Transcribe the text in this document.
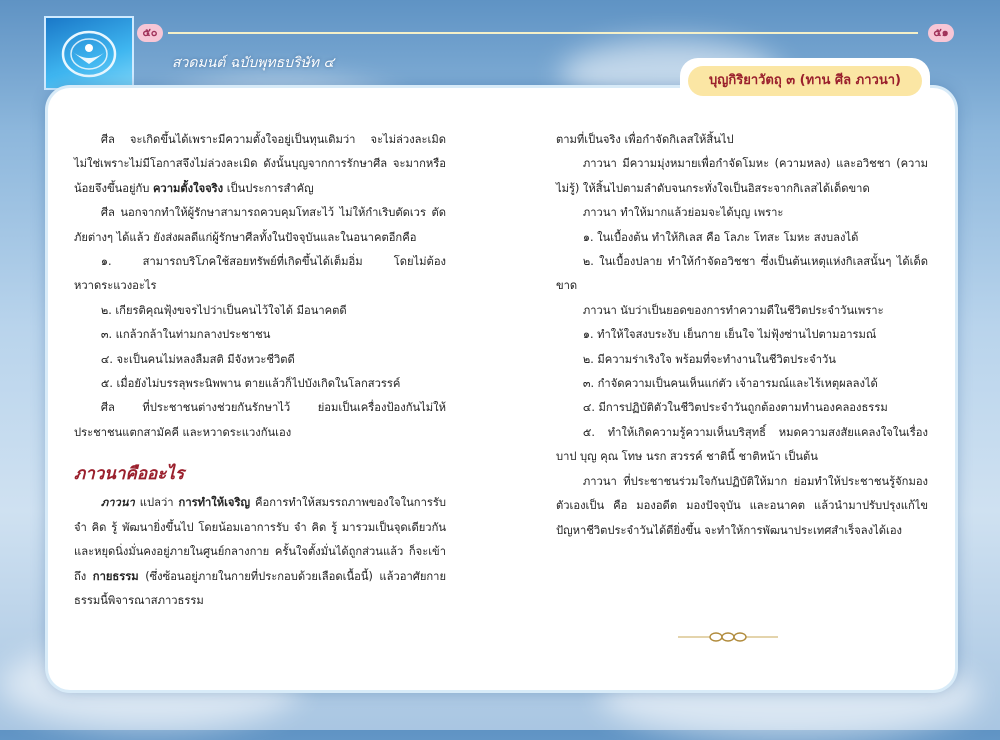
๕๐	๕๑
สวดมนต์ ฉบับพุทธบริษัท ๔
บุญกิริยาวัตถุ ๓ (ทาน ศีล ภาวนา)

ศีล จะเกิดขึ้นได้เพราะมีความตั้งใจอยู่เป็นทุนเดิมว่า จะไม่ล่วงละเมิด ไม่ใช่เพราะไม่มีโอกาสจึงไม่ล่วงละเมิด ดังนั้นบุญจากการรักษาศีล จะมากหรือน้อยจึงขึ้นอยู่กับ ความตั้งใจจริง เป็นประการสำคัญ

ศีล นอกจากทำให้ผู้รักษาสามารถควบคุมโทสะไว้ ไม่ให้กำเริบตัดเวร ตัดภัยต่างๆ ได้แล้ว ยังส่งผลดีแก่ผู้รักษาศีลทั้งในปัจจุบันและในอนาคตอีกคือ

๑. สามารถบริโภคใช้สอยทรัพย์ที่เกิดขึ้นได้เต็มอิ่ม โดยไม่ต้องหวาดระแวงอะไร

๒. เกียรติคุณฟุ้งขจรไปว่าเป็นคนไว้ใจได้ มีอนาคตดี

๓. แกล้วกล้าในท่ามกลางประชาชน

๔. จะเป็นคนไม่หลงลืมสติ มีจังหวะชีวิตดี

๕. เมื่อยังไม่บรรลุพระนิพพาน ตายแล้วก็ไปบังเกิดในโลกสวรรค์

ศีล ที่ประชาชนต่างช่วยกันรักษาไว้ ย่อมเป็นเครื่องป้องกันไม่ให้ประชาชนแตกสามัคคี และหวาดระแวงกันเอง

ภาวนาคืออะไร

ภาวนา แปลว่า การทำให้เจริญ คือการทำให้สมรรถภาพของใจในการรับ จำ คิด รู้ พัฒนายิ่งขึ้นไป โดยน้อมเอาการรับ จำ คิด รู้ มารวมเป็นจุดเดียวกัน และหยุดนิ่งมั่นคงอยู่ภายในศูนย์กลางกาย ครั้นใจตั้งมั่นได้ถูกส่วนแล้ว ก็จะเข้าถึง กายธรรม (ซึ่งซ้อนอยู่ภายในกายที่ประกอบด้วยเลือดเนื้อนี้) แล้วอาศัยกายธรรมนี้พิจารณาสภาวธรรม

ตามที่เป็นจริง เพื่อกำจัดกิเลสให้สิ้นไป

ภาวนา มีความมุ่งหมายเพื่อกำจัดโมหะ (ความหลง) และอวิชชา (ความไม่รู้) ให้สิ้นไปตามลำดับจนกระทั่งใจเป็นอิสระจากกิเลสได้เด็ดขาด

ภาวนา ทำให้มากแล้วย่อมจะได้บุญ เพราะ

๑. ในเบื้องต้น ทำให้กิเลส คือ โลภะ โทสะ โมหะ สงบลงได้

๒. ในเบื้องปลาย ทำให้กำจัดอวิชชา ซึ่งเป็นต้นเหตุแห่งกิเลสนั้นๆ ได้เด็ดขาด

ภาวนา นับว่าเป็นยอดของการทำความดีในชีวิตประจำวันเพราะ

๑. ทำให้ใจสงบระงับ เย็นกาย เย็นใจ ไม่ฟุ้งซ่านไปตามอารมณ์

๒. มีความร่าเริงใจ พร้อมที่จะทำงานในชีวิตประจำวัน

๓. กำจัดความเป็นคนเห็นแก่ตัว เจ้าอารมณ์และไร้เหตุผลลงได้

๔. มีการปฏิบัติตัวในชีวิตประจำวันถูกต้องตามทำนองคลองธรรม

๕. ทำให้เกิดความรู้ความเห็นบริสุทธิ์ หมดความสงสัยแคลงใจในเรื่อง บาป บุญ คุณ โทษ นรก สวรรค์ ชาตินี้ ชาติหน้า เป็นต้น

ภาวนา ที่ประชาชนร่วมใจกันปฏิบัติให้มาก ย่อมทำให้ประชาชนรู้จักมองตัวเองเป็น คือ มองอดีต มองปัจจุบัน และอนาคต แล้วนำมาปรับปรุงแก้ไขปัญหาชีวิตประจำวันได้ดียิ่งขึ้น จะทำให้การพัฒนาประเทศสำเร็จลงได้เอง
